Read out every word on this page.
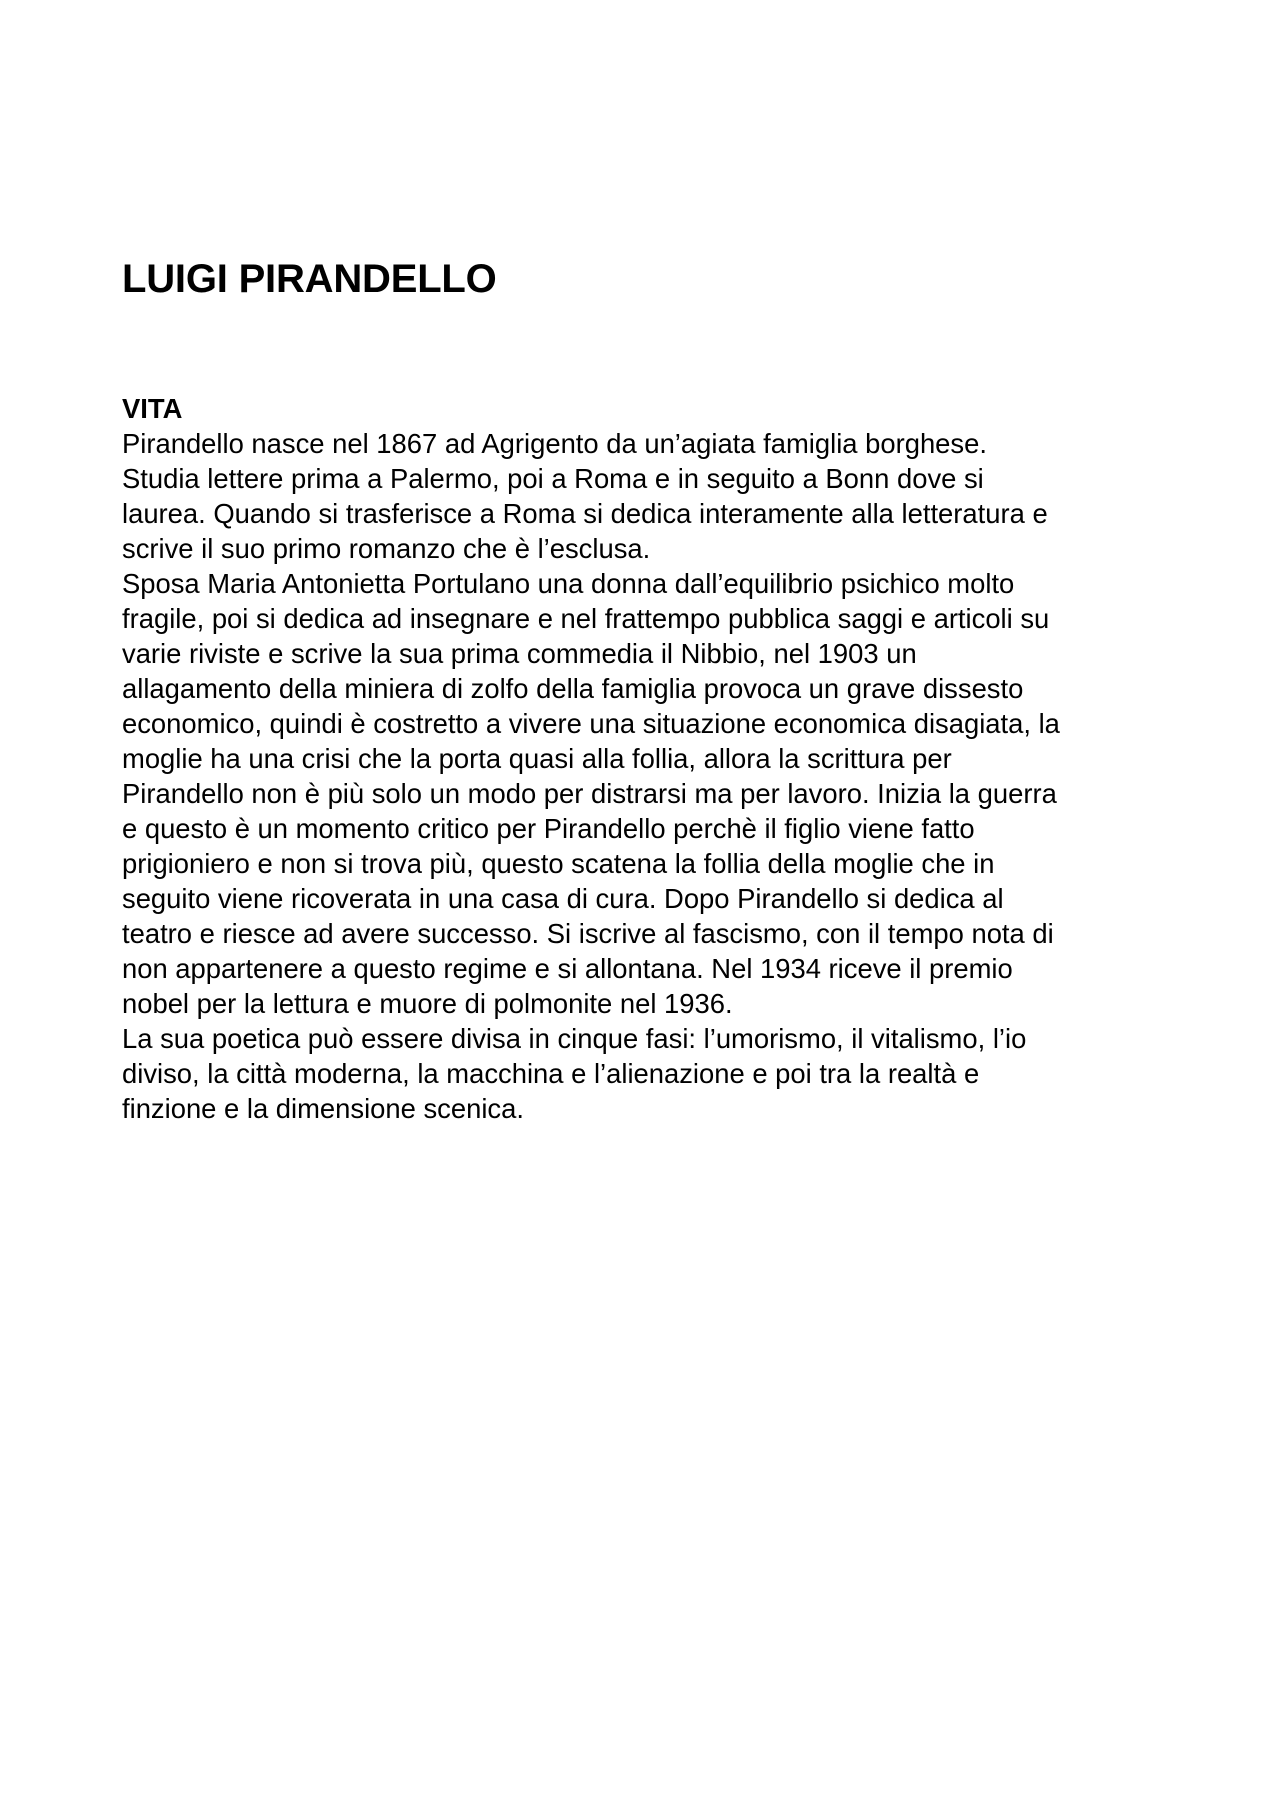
LUIGI PIRANDELLO
VITA
Pirandello nasce nel 1867 ad Agrigento da un’agiata famiglia borghese.
Studia lettere prima a Palermo, poi a Roma e in seguito a Bonn dove si
laurea. Quando si trasferisce a Roma si dedica interamente alla letteratura e
scrive il suo primo romanzo che è l’esclusa.
Sposa Maria Antonietta Portulano una donna dall’equilibrio psichico molto
fragile, poi si dedica ad insegnare e nel frattempo pubblica saggi e articoli su
varie riviste e scrive la sua prima commedia il Nibbio, nel 1903 un
allagamento della miniera di zolfo della famiglia provoca un grave dissesto
economico, quindi è costretto a vivere una situazione economica disagiata, la
moglie ha una crisi che la porta quasi alla follia, allora la scrittura per
Pirandello non è più solo un modo per distrarsi ma per lavoro. Inizia la guerra
e questo è un momento critico per Pirandello perchè il figlio viene fatto
prigioniero e non si trova più, questo scatena la follia della moglie che in
seguito viene ricoverata in una casa di cura. Dopo Pirandello si dedica al
teatro e riesce ad avere successo. Si iscrive al fascismo, con il tempo nota di
non appartenere a questo regime e si allontana. Nel 1934 riceve il premio
nobel per la lettura e muore di polmonite nel 1936.
La sua poetica può essere divisa in cinque fasi: l’umorismo, il vitalismo, l’io
diviso, la città moderna, la macchina e l’alienazione e poi tra la realtà e
finzione e la dimensione scenica.
